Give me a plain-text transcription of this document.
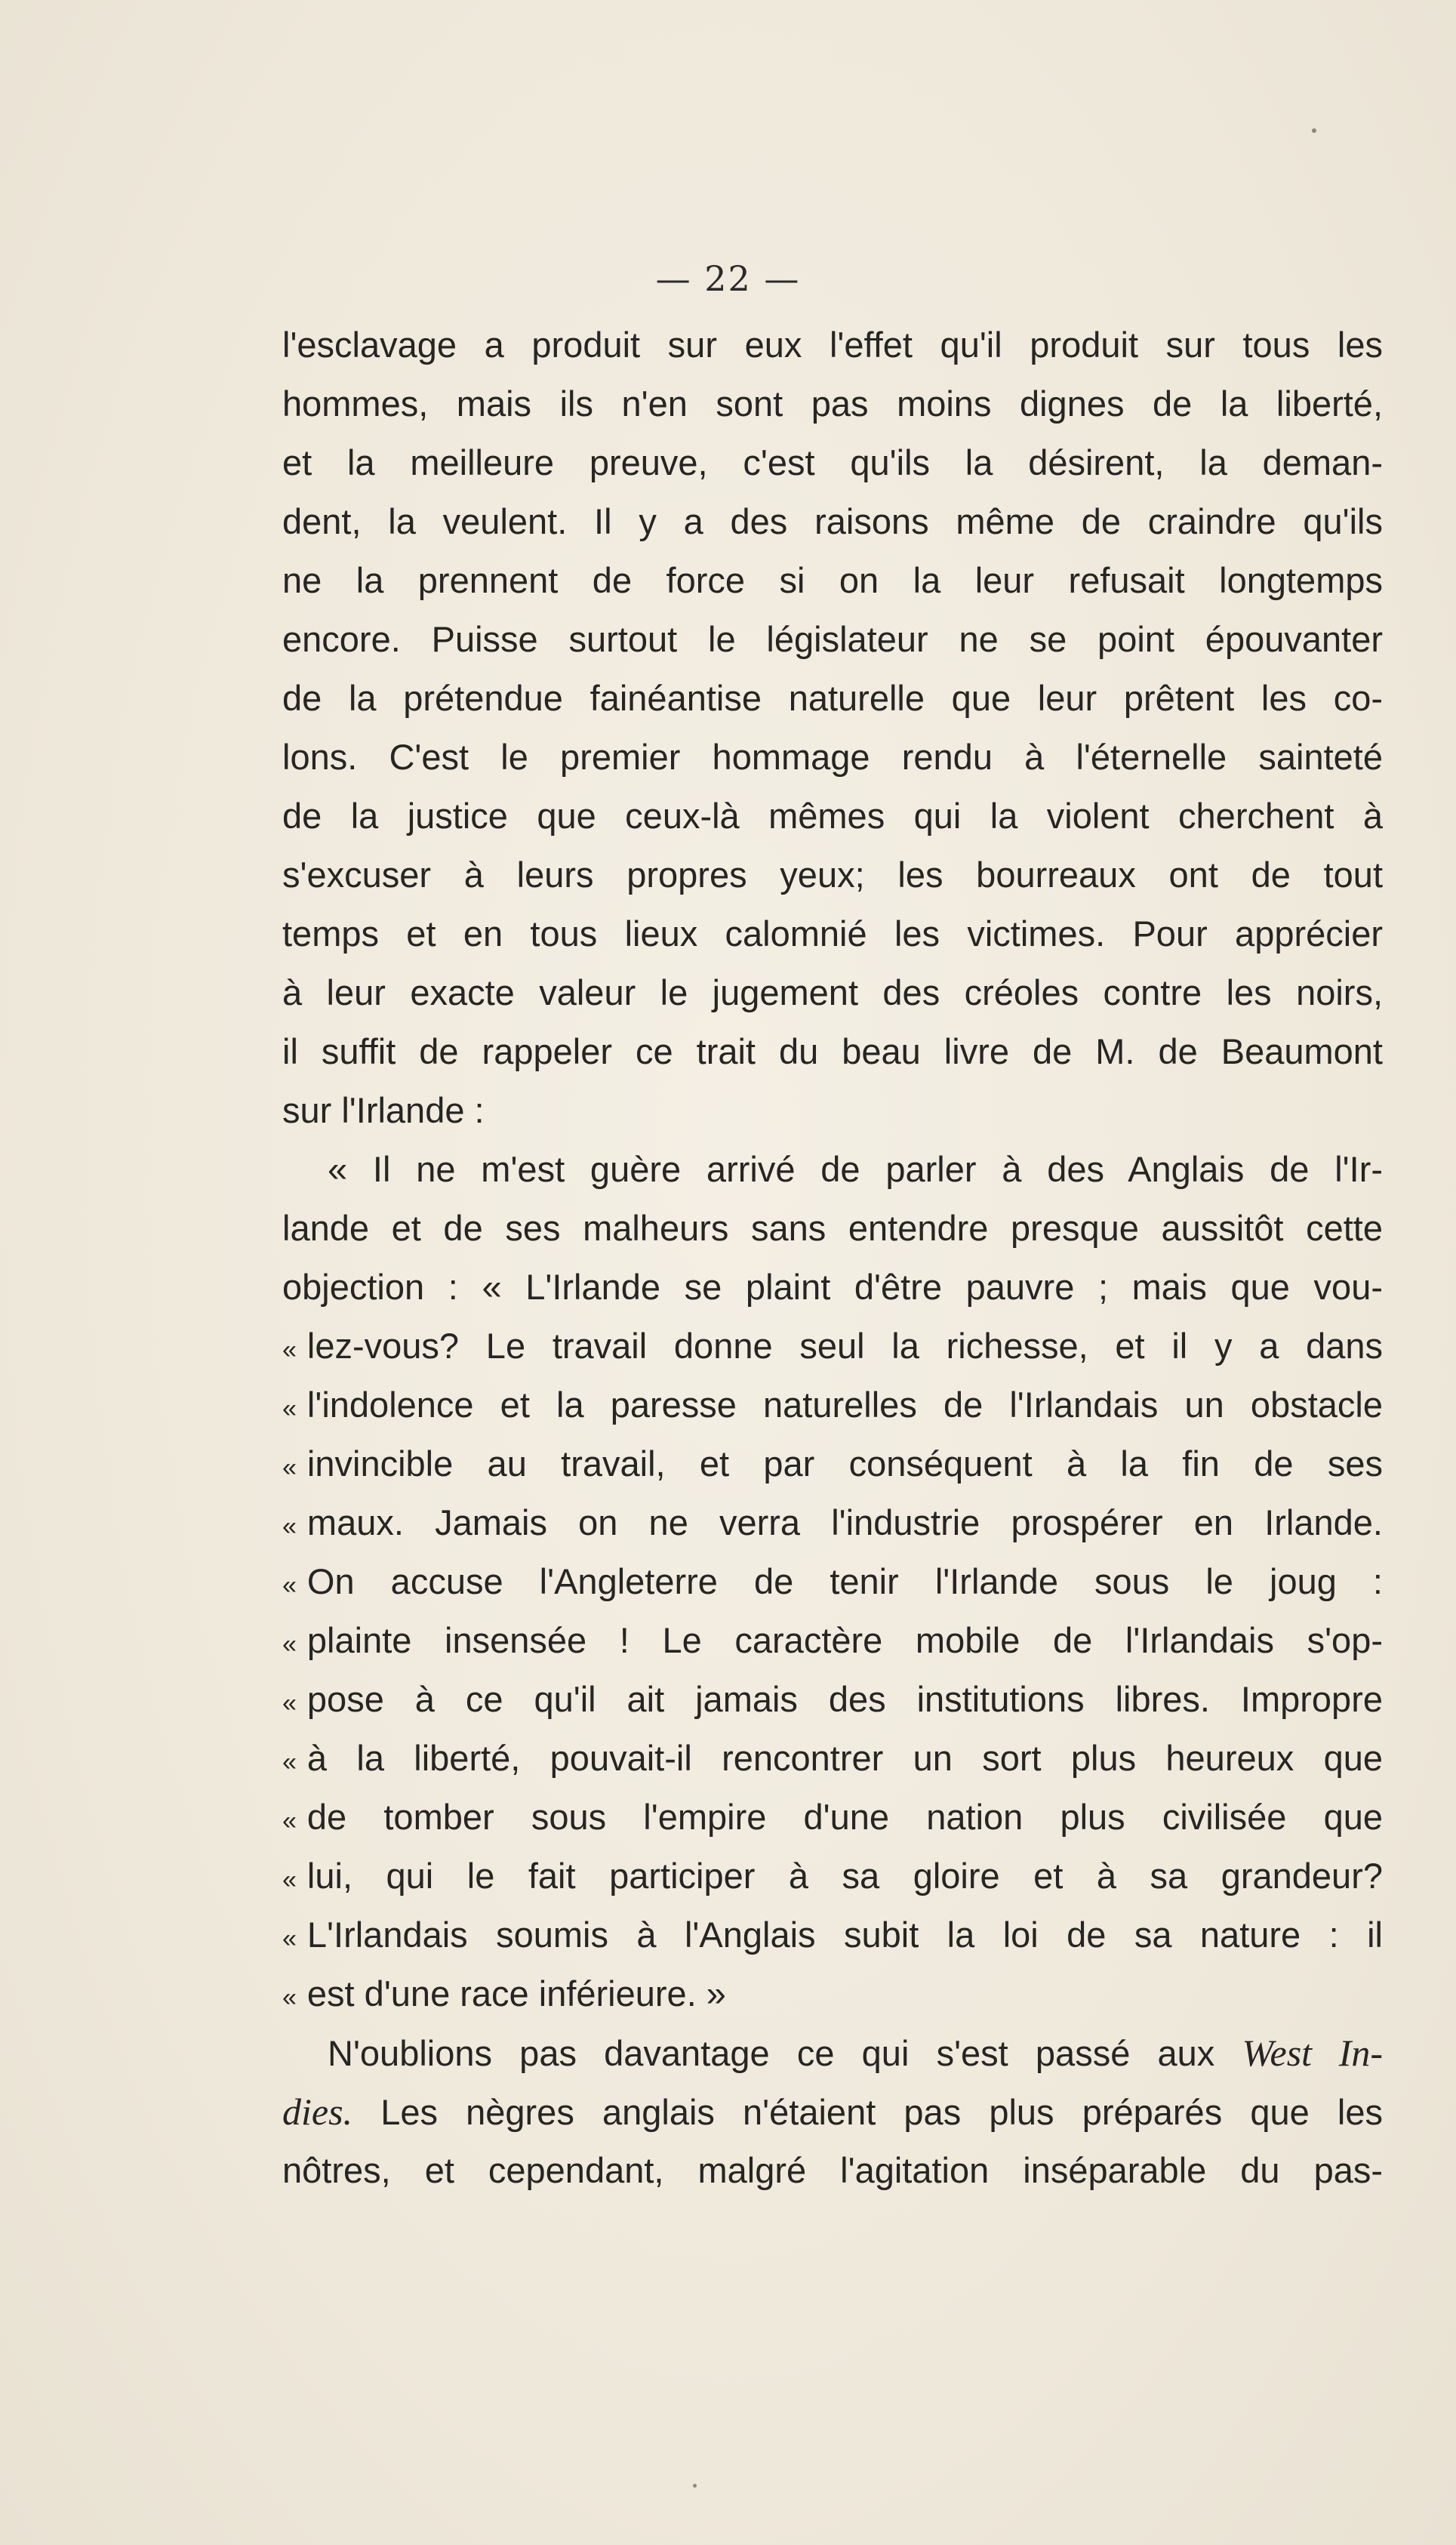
— 22 —
l'esclavage a produit sur eux l'effet qu'il produit sur tous les
hommes, mais ils n'en sont pas moins dignes de la liberté,
et la meilleure preuve, c'est qu'ils la désirent, la deman-
dent, la veulent. Il y a des raisons même de craindre qu'ils
ne la prennent de force si on la leur refusait longtemps
encore. Puisse surtout le législateur ne se point épouvanter
de la prétendue fainéantise naturelle que leur prêtent les co-
lons. C'est le premier hommage rendu à l'éternelle sainteté
de la justice que ceux-là mêmes qui la violent cherchent à
s'excuser à leurs propres yeux; les bourreaux ont de tout
temps et en tous lieux calomnié les victimes. Pour apprécier
à leur exacte valeur le jugement des créoles contre les noirs,
il suffit de rappeler ce trait du beau livre de M. de Beaumont
sur l'Irlande :
« Il ne m'est guère arrivé de parler à des Anglais de l'Ir-
lande et de ses malheurs sans entendre presque aussitôt cette
objection : « L'Irlande se plaint d'être pauvre ; mais que vou-
« lez-vous? Le travail donne seul la richesse, et il y a dans
« l'indolence et la paresse naturelles de l'Irlandais un obstacle
« invincible au travail, et par conséquent à la fin de ses
« maux. Jamais on ne verra l'industrie prospérer en Irlande.
« On accuse l'Angleterre de tenir l'Irlande sous le joug :
« plainte insensée ! Le caractère mobile de l'Irlandais s'op-
« pose à ce qu'il ait jamais des institutions libres. Impropre
« à la liberté, pouvait-il rencontrer un sort plus heureux que
« de tomber sous l'empire d'une nation plus civilisée que
« lui, qui le fait participer à sa gloire et à sa grandeur?
« L'Irlandais soumis à l'Anglais subit la loi de sa nature : il
« est d'une race inférieure. »
N'oublions pas davantage ce qui s'est passé aux West In-
dies. Les nègres anglais n'étaient pas plus préparés que les
nôtres, et cependant, malgré l'agitation inséparable du pas-
